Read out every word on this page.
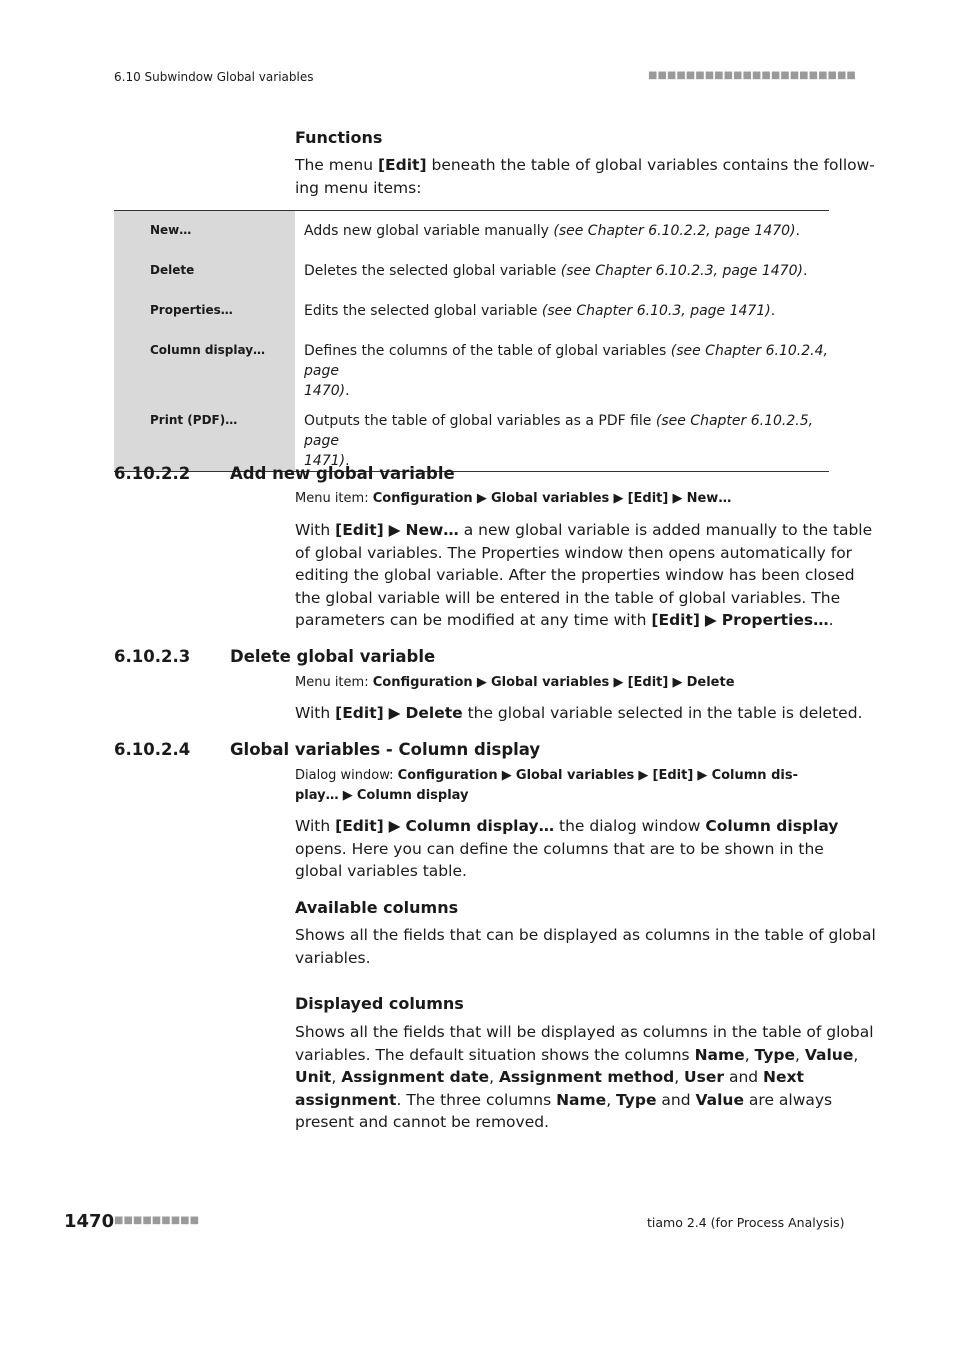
6.10 Subwindow Global variables	■■■■■■■■■■■■■■■■■■■■■■
Functions
The menu [Edit] beneath the table of global variables contains the follow-
ing menu items:
New…	Adds new global variable manually (see Chapter 6.10.2.2, page 1470).
Delete	Deletes the selected global variable (see Chapter 6.10.2.3, page 1470).
Properties…	Edits the selected global variable (see Chapter 6.10.3, page 1471).
Column display…	Defines the columns of the table of global variables (see Chapter 6.10.2.4, page
1470).
Print (PDF)…	Outputs the table of global variables as a PDF file (see Chapter 6.10.2.5, page
1471).
6.10.2.2 Add new global variable
Menu item: Configuration ▶ Global variables ▶ [Edit] ▶ New…
With [Edit] ▶ New… a new global variable is added manually to the table
of global variables. The Properties window then opens automatically for
editing the global variable. After the properties window has been closed
the global variable will be entered in the table of global variables. The
parameters can be modified at any time with [Edit] ▶ Properties….
6.10.2.3 Delete global variable
Menu item: Configuration ▶ Global variables ▶ [Edit] ▶ Delete
With [Edit] ▶ Delete the global variable selected in the table is deleted.
6.10.2.4 Global variables - Column display
Dialog window: Configuration ▶ Global variables ▶ [Edit] ▶ Column dis-
play… ▶ Column display
With [Edit] ▶ Column display… the dialog window Column display
opens. Here you can define the columns that are to be shown in the
global variables table.
Available columns
Shows all the fields that can be displayed as columns in the table of global
variables.
Displayed columns
Shows all the fields that will be displayed as columns in the table of global
variables. The default situation shows the columns Name, Type, Value,
Unit, Assignment date, Assignment method, User and Next
assignment. The three columns Name, Type and Value are always
present and cannot be removed.
1470 ■■■■■■■■■	tiamo 2.4 (for Process Analysis)
